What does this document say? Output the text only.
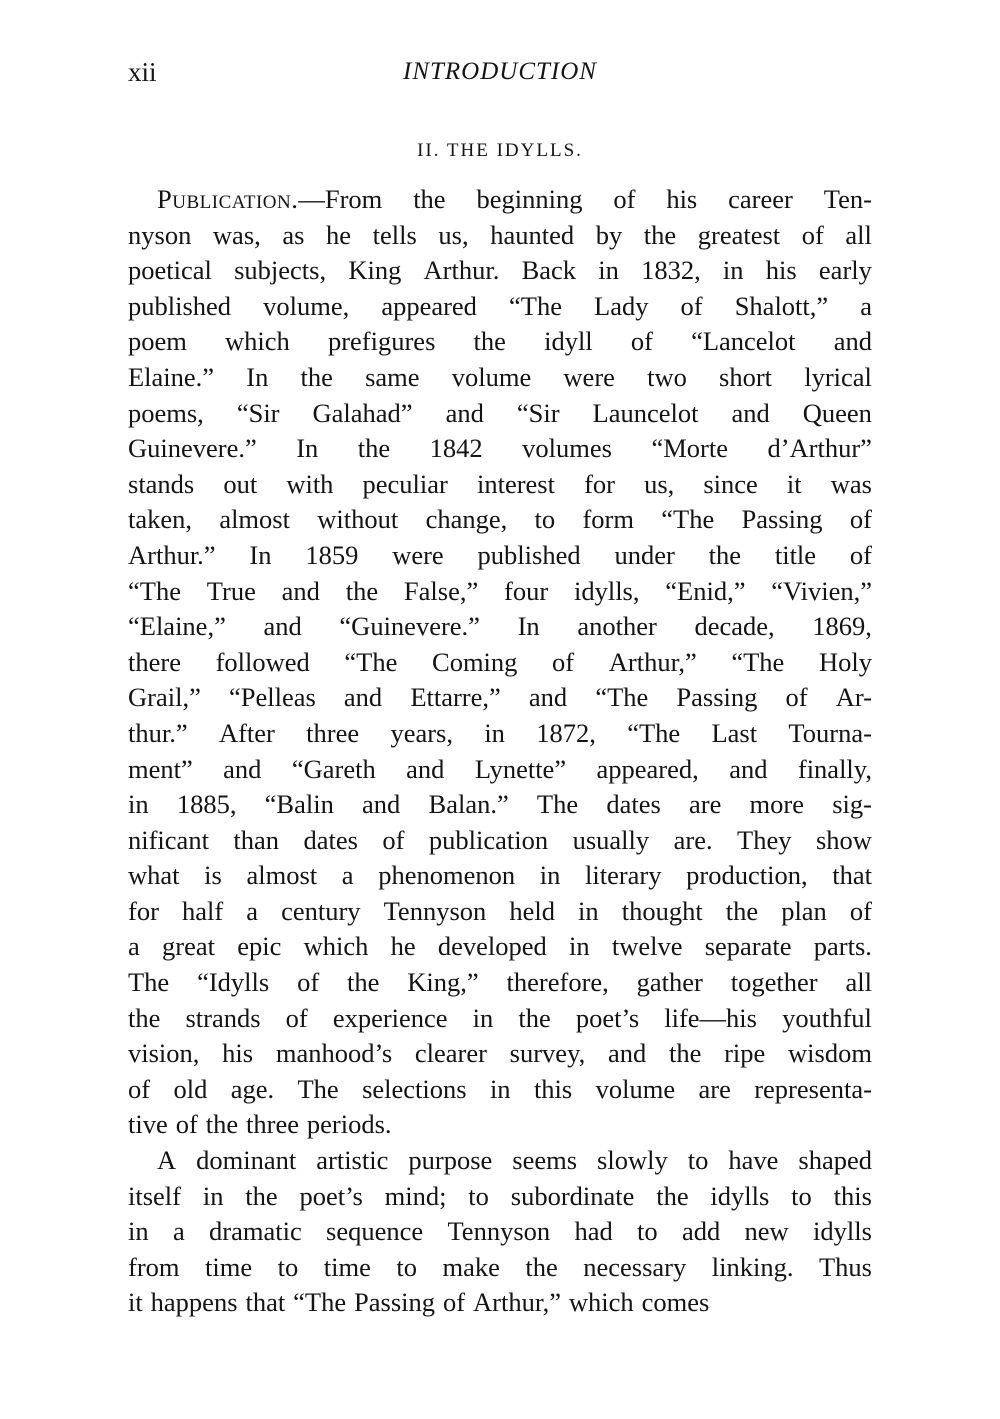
xii	INTRODUCTION
II. THE IDYLLS.
Publication.—From the beginning of his career Ten-
nyson was, as he tells us, haunted by the greatest of all
poetical subjects, King Arthur. Back in 1832, in his early
published volume, appeared “The Lady of Shalott,” a
poem which prefigures the idyll of “Lancelot and
Elaine.” In the same volume were two short lyrical
poems, “Sir Galahad” and “Sir Launcelot and Queen
Guinevere.” In the 1842 volumes “Morte d’Arthur”
stands out with peculiar interest for us, since it was
taken, almost without change, to form “The Passing of
Arthur.” In 1859 were published under the title of
“The True and the False,” four idylls, “Enid,” “Vivien,”
“Elaine,” and “Guinevere.” In another decade, 1869,
there followed “The Coming of Arthur,” “The Holy
Grail,” “Pelleas and Ettarre,” and “The Passing of Ar-
thur.” After three years, in 1872, “The Last Tourna-
ment” and “Gareth and Lynette” appeared, and finally,
in 1885, “Balin and Balan.” The dates are more sig-
nificant than dates of publication usually are. They show
what is almost a phenomenon in literary production, that
for half a century Tennyson held in thought the plan of
a great epic which he developed in twelve separate parts.
The “Idylls of the King,” therefore, gather together all
the strands of experience in the poet’s life—his youthful
vision, his manhood’s clearer survey, and the ripe wisdom
of old age. The selections in this volume are representa-
tive of the three periods.
A dominant artistic purpose seems slowly to have shaped
itself in the poet’s mind; to subordinate the idylls to this
in a dramatic sequence Tennyson had to add new idylls
from time to time to make the necessary linking. Thus
it happens that “The Passing of Arthur,” which comes
